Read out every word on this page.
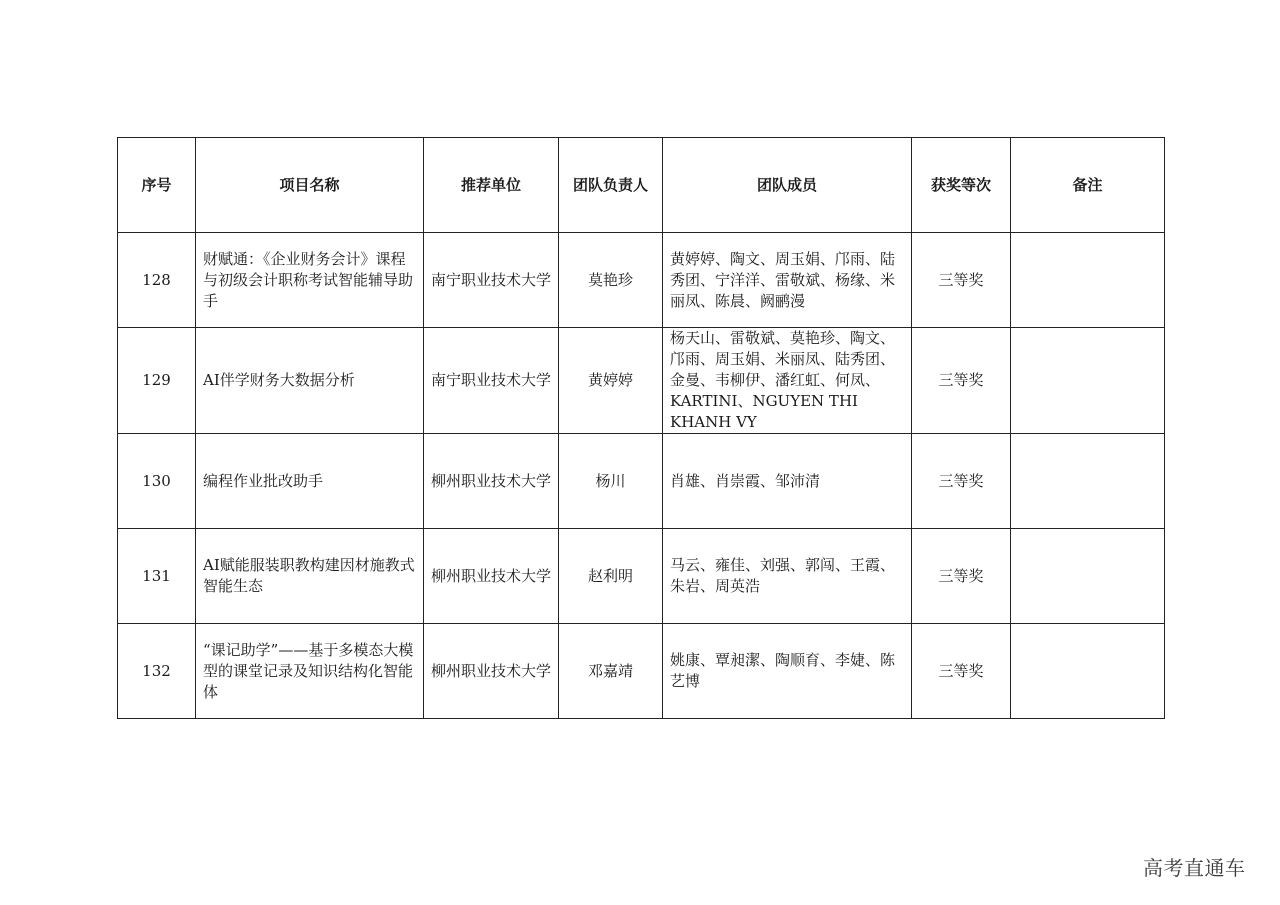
序号	项目名称	推荐单位	团队负责人	团队成员	获奖等次	备注
128	财赋通：《企业财务会计》课程与初级会计职称考试智能辅导助手	南宁职业技术大学	莫艳珍	黄婷婷、陶文、周玉娟、邝雨、陆秀团、宁洋洋、雷敬斌、杨缘、米丽凤、陈晨、阙鹂漫	三等奖	
129	AI伴学财务大数据分析	南宁职业技术大学	黄婷婷	杨天山、雷敬斌、莫艳珍、陶文、邝雨、周玉娟、米丽凤、陆秀团、金曼、韦柳伊、潘红虹、何凤、KARTINI、NGUYEN THI KHANH VY	三等奖	
130	编程作业批改助手	柳州职业技术大学	杨川	肖雄、肖崇霞、邹沛清	三等奖	
131	AI赋能服装职教构建因材施教式智能生态	柳州职业技术大学	赵利明	马云、雍佳、刘强、郭闯、王霞、朱岩、周英浩	三等奖	
132	“课记助学”——基于多模态大模型的课堂记录及知识结构化智能体	柳州职业技术大学	邓嘉靖	姚康、覃昶潔、陶顺育、李婕、陈艺博	三等奖	
高考直通车
